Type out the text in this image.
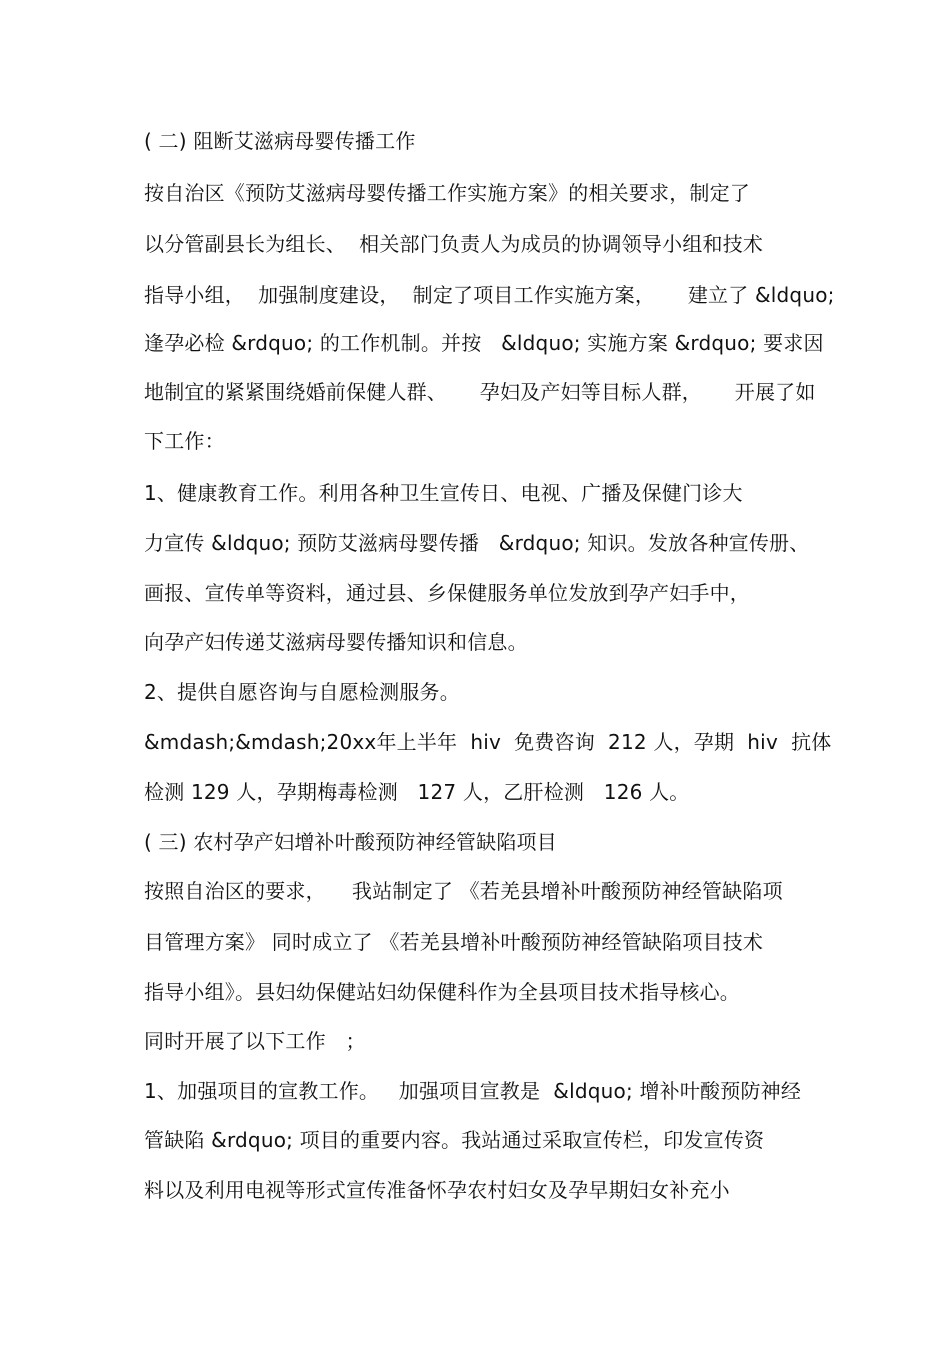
( 二) 阻断艾滋病母婴传播工作
按自治区《预防艾滋病母婴传播工作实施方案》的相关要求，制定了
以分管副县长为组长、  相关部门负责人为成员的协调领导小组和技术
指导小组，  加强制度建设，  制定了项目工作实施方案，     建立了 &ldquo;
逢孕必检 &rdquo; 的工作机制。并按   &ldquo; 实施方案 &rdquo; 要求因
地制宜的紧紧围绕婚前保健人群、     孕妇及产妇等目标人群，     开展了如
下工作：
1、健康教育工作。利用各种卫生宣传日、电视、广播及保健门诊大
力宣传 &ldquo; 预防艾滋病母婴传播   &rdquo; 知识。发放各种宣传册、
画报、宣传单等资料，通过县、乡保健服务单位发放到孕产妇手中，
向孕产妇传递艾滋病母婴传播知识和信息。
2、提供自愿咨询与自愿检测服务。
&mdash;&mdash;20xx年上半年  hiv  免费咨询  212 人，孕期  hiv  抗体
检测 129 人，孕期梅毒检测   127 人，乙肝检测   126 人。
( 三) 农村孕产妇增补叶酸预防神经管缺陷项目
按照自治区的要求，    我站制定了 《若羌县增补叶酸预防神经管缺陷项
目管理方案》 同时成立了 《若羌县增补叶酸预防神经管缺陷项目技术
指导小组》。县妇幼保健站妇幼保健科作为全县项目技术指导核心。
同时开展了以下工作   ；
1、加强项目的宣教工作。   加强项目宣教是  &ldquo; 增补叶酸预防神经
管缺陷 &rdquo; 项目的重要内容。我站通过采取宣传栏，印发宣传资
料以及利用电视等形式宣传准备怀孕农村妇女及孕早期妇女补充小
